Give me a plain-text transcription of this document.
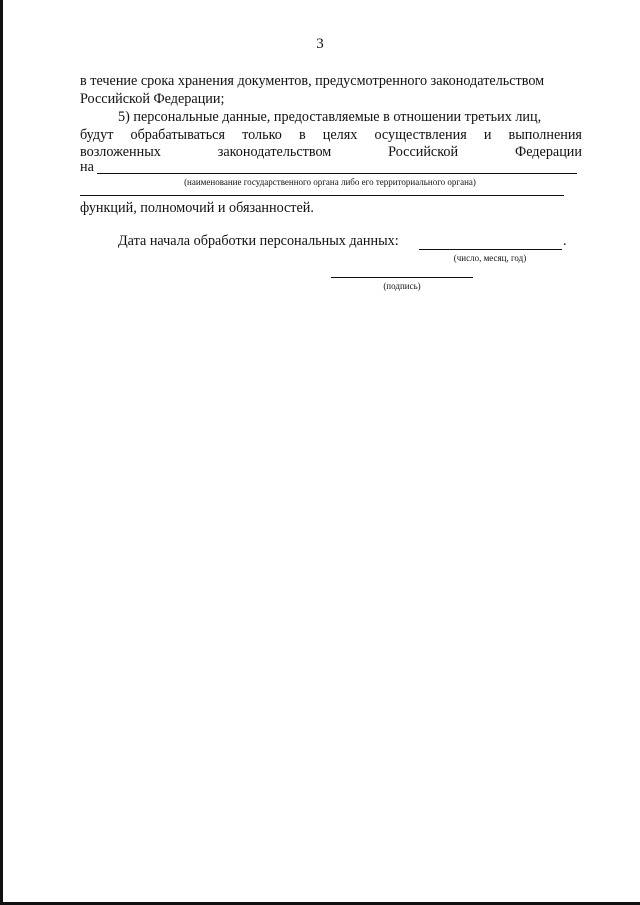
3
в течение срока хранения документов, предусмотренного законодательством
Российской Федерации;
5) персональные данные, предоставляемые в отношении третьих лиц,
будут обрабатываться только в целях осуществления и выполнения
возложенных	законодательством	Российской	Федерации
на
(наименование государственного органа либо его территориального органа)
функций, полномочий и обязанностей.
Дата начала обработки персональных данных:	.
(число, месяц, год)
(подпись)
